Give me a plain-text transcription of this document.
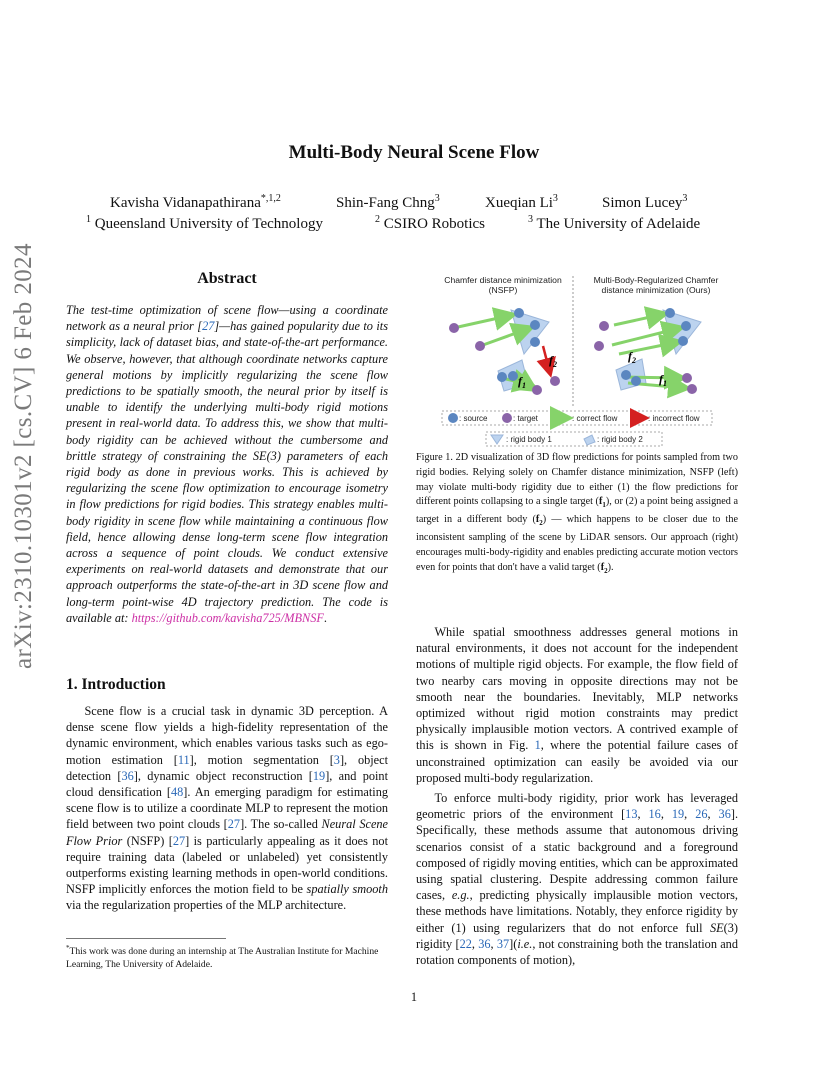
arXiv:2310.10301v2 [cs.CV] 6 Feb 2024
Multi-Body Neural Scene Flow
Kavisha Vidanapathirana$^{*,1,2}$	Shin-Fang Chng$^3$	Xueqian Li$^3$	Simon Lucey$^3$
$^1$ Queensland University of Technology	$^2$ CSIRO Robotics	$^3$ The University of Adelaide
Abstract
The test-time optimization of scene flow—using a coordinate network as a neural prior [27]—has gained popularity due to its simplicity, lack of dataset bias, and state-of-the-art performance. We observe, however, that although coordinate networks capture general motions by implicitly regularizing the scene flow predictions to be spatially smooth, the neural prior by itself is unable to identify the underlying multi-body rigid motions present in real-world data. To address this, we show that multi-body rigidity can be achieved without the cumbersome and brittle strategy of constraining the SE(3) parameters of each rigid body as done in previous works. This is achieved by regularizing the scene flow optimization to encourage isometry in flow predictions for rigid bodies. This strategy enables multi-body rigidity in scene flow while maintaining a continuous flow field, hence allowing dense long-term scene flow integration across a sequence of point clouds. We conduct extensive experiments on real-world datasets and demonstrate that our approach outperforms the state-of-the-art in 3D scene flow and long-term point-wise 4D trajectory prediction. The code is available at: https://github.com/kavisha725/MBNSF.
1. Introduction

Scene flow is a crucial task in dynamic 3D perception. A dense scene flow yields a high-fidelity representation of the dynamic environment, which enables various tasks such as ego-motion estimation [11], motion segmentation [3], object detection [36], dynamic object reconstruction [19], and point cloud densification [48]. An emerging paradigm for estimating scene flow is to utilize a coordinate MLP to represent the motion field between two point clouds [27]. The so-called Neural Scene Flow Prior (NSFP) [27] is particularly appealing as it does not require training data (labeled or unlabeled) yet consistently outperforms existing learning methods in open-world conditions. NSFP implicitly enforces the motion field to be spatially smooth via the regularization properties of the MLP architecture.

*This work was done during an internship at The Australian Institute for Machine Learning, The University of Adelaide.
Chamfer distance minimization
(NSFP)
Multi-Body-Regularized Chamfer
distance minimization (Ours)
$f_2$
$f_1$
$f_2$
$f_1$
: source	: target	: correct flow	: incorrect flow
: rigid body 1	: rigid body 2
Figure 1. 2D visualization of 3D flow predictions for points sampled from two rigid bodies. Relying solely on Chamfer distance minimization, NSFP (left) may violate multi-body rigidity due to either (1) the flow predictions for different points collapsing to a single target $(f_1)$, or (2) a point being assigned a target in a different body $(f_2)$ — which happens to be closer due to the inconsistent sampling of the scene by LiDAR sensors. Our approach (right) encourages multi-body-rigidity and enables predicting accurate motion vectors even for points that don't have a valid target $(f_2)$.

While spatial smoothness addresses general motions in natural environments, it does not account for the independent motions of multiple rigid objects. For example, the flow field of two nearby cars moving in opposite directions may not be smooth near the boundaries. Inevitably, MLP networks optimized without rigid motion constraints may predict physically implausible motion vectors. A contrived example of this is shown in Fig. 1, where the potential failure cases of unconstrained optimization can easily be avoided via our proposed multi-body regularization.

To enforce multi-body rigidity, prior work has leveraged geometric priors of the environment [13, 16, 19, 26, 36]. Specifically, these methods assume that autonomous driving scenarios consist of a static background and a foreground composed of rigidly moving entities, which can be approximated using spatial clustering. Despite addressing common failure cases, e.g., predicting physically implausible motion vectors, these methods have limitations. Notably, they enforce rigidity by either (1) using regularizers that do not enforce full SE(3) rigidity [22, 36, 37](i.e., not constraining both the translation and rotation components of motion),

1
